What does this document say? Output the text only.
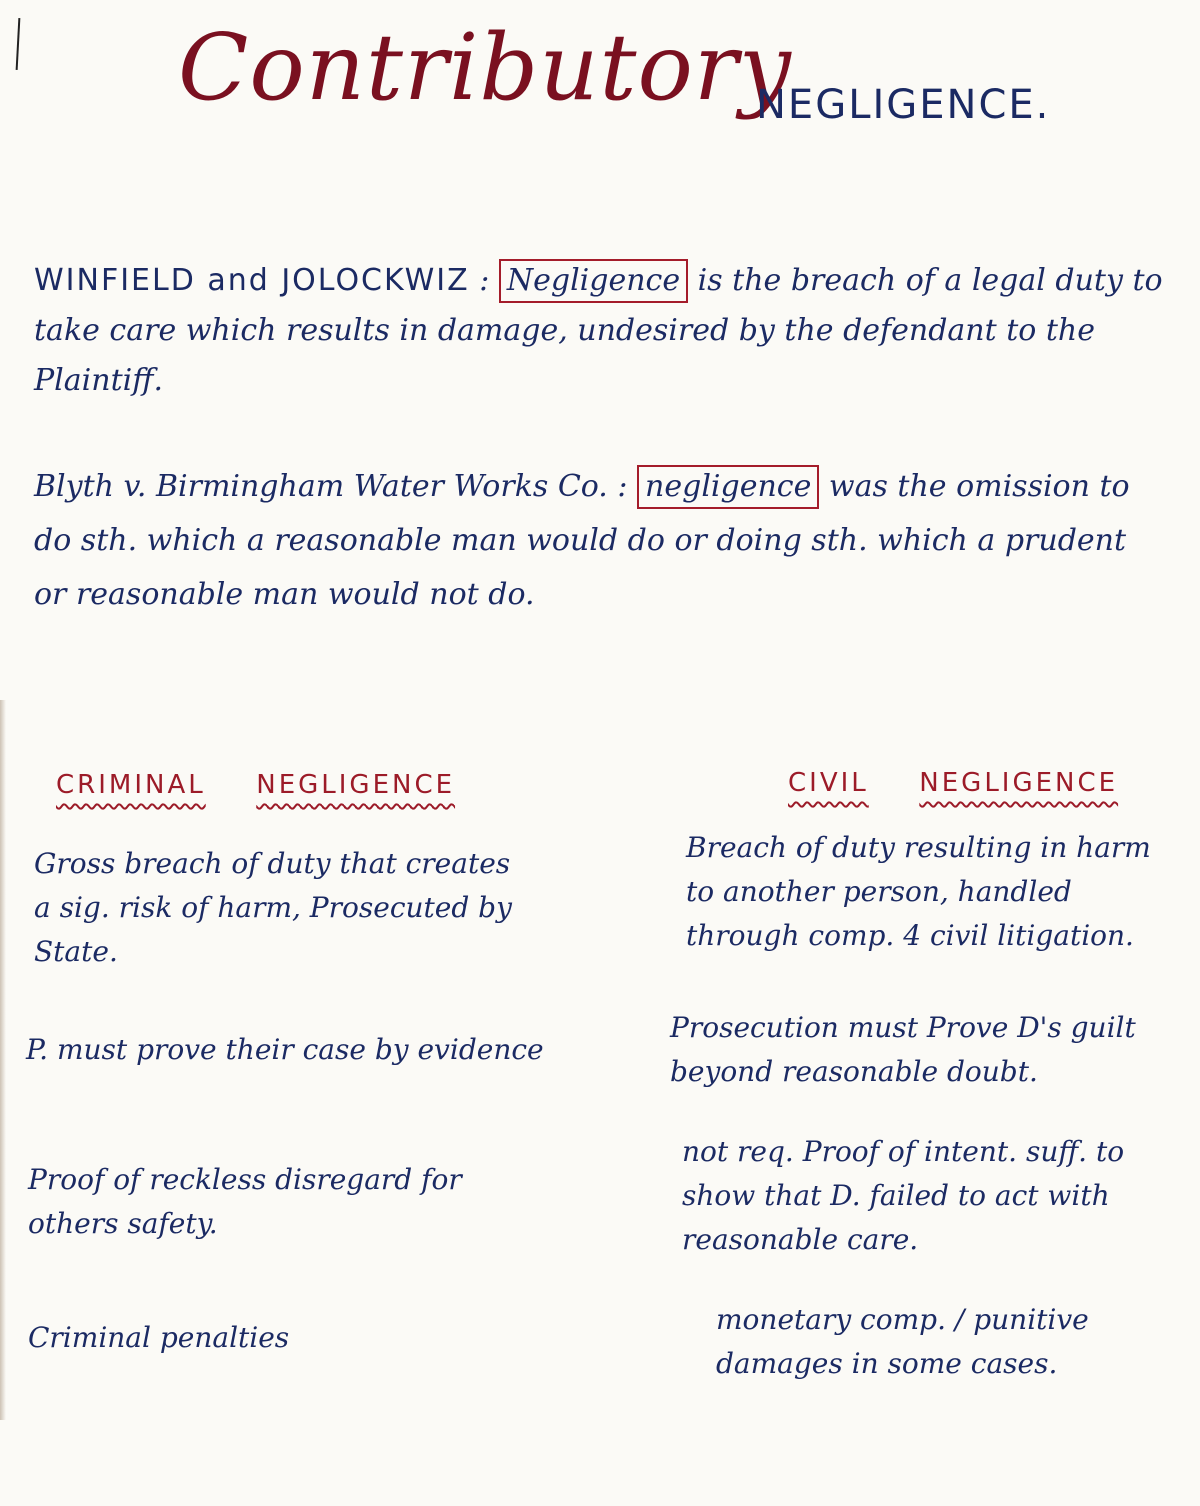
Contributory
NEGLIGENCE.
WINFIELD and JOLOCKWIZ : Negligence is the breach of a legal duty to take care which results in damage, undesired by the defendant to the Plaintiff.
Blyth v. Birmingham Water Works Co. : negligence was the omission to do sth. which a reasonable man would do or doing sth. which a prudent or reasonable man would not do.
CRIMINAL NEGLIGENCE	CIVIL NEGLIGENCE
Gross breach of duty that creates a sig. risk of harm, Prosecuted by State.
P. must prove their case by evidence
Proof of reckless disregard for others safety.
Criminal penalties
Breach of duty resulting in harm to another person, handled through comp. 4 civil litigation.
Prosecution must Prove D's guilt beyond reasonable doubt.
not req. Proof of intent. suff. to show that D. failed to act with reasonable care.
monetary comp. / punitive damages in some cases.
